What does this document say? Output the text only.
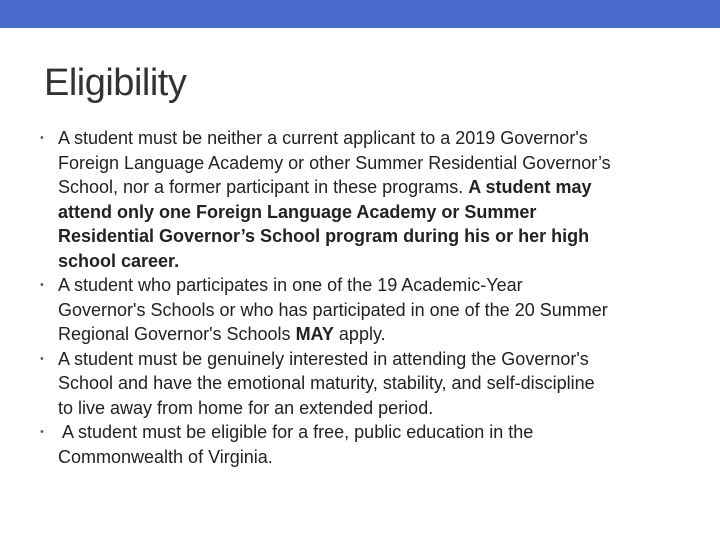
Eligibility
• A student must be neither a current applicant to a 2019 Governor's
Foreign Language Academy or other Summer Residential Governor’s
School, nor a former participant in these programs. A student may
attend only one Foreign Language Academy or Summer
Residential Governor’s School program during his or her high
school career.
• A student who participates in one of the 19 Academic-Year
Governor's Schools or who has participated in one of the 20 Summer
Regional Governor's Schools MAY apply.
• A student must be genuinely interested in attending the Governor's
School and have the emotional maturity, stability, and self-discipline
to live away from home for an extended period.
• A student must be eligible for a free, public education in the
Commonwealth of Virginia.
